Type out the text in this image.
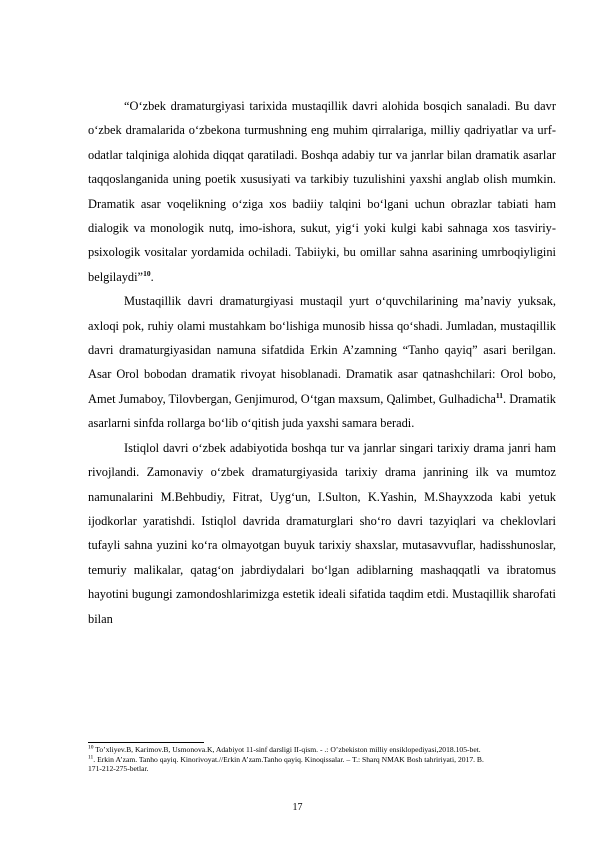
“O‘zbek dramaturgiyasi tarixida mustaqillik davri alohida bosqich sanaladi. Bu davr o‘zbek dramalarida o‘zbekona turmushning eng muhim qirralariga, milliy qadriyatlar va urf-odatlar talqiniga alohida diqqat qaratiladi. Boshqa adabiy tur va janrlar bilan dramatik asarlar taqqoslanganida uning poetik xususiyati va tarkibiy tuzulishini yaxshi anglab olish mumkin. Dramatik asar voqelikning o‘ziga xos badiiy talqini bo‘lgani uchun obrazlar tabiati ham dialogik va monologik nutq, imo-ishora, sukut, yig‘i yoki kulgi kabi sahnaga xos tasviriy-psixologik vositalar yordamida ochiladi. Tabiiyki, bu omillar sahna asarining umrboqiyligini belgilaydi”$^{10}$.

Mustaqillik davri dramaturgiyasi mustaqil yurt o‘quvchilarining ma’naviy yuksak, axloqi pok, ruhiy olami mustahkam bo‘lishiga munosib hissa qo‘shadi. Jumladan, mustaqillik davri dramaturgiyasidan namuna sifatdida Erkin A’zamning “Tanho qayiq” asari berilgan. Asar Orol bobodan dramatik rivoyat hisoblanadi. Dramatik asar qatnashchilari: Orol bobo, Amet Jumaboy, Tilovbergan, Genjimurod, O‘tgan maxsum, Qalimbet, Gulhadicha$^{11}$. Dramatik asarlarni sinfda rollarga bo‘lib o‘qitish juda yaxshi samara beradi.

Istiqlol davri o‘zbek adabiyotida boshqa tur va janrlar singari tarixiy drama janri ham rivojlandi. Zamonaviy o‘zbek dramaturgiyasida tarixiy drama janrining ilk va mumtoz namunalarini M.Behbudiy, Fitrat, Uyg‘un, I.Sulton, K.Yashin, M.Shayxzoda kabi yetuk ijodkorlar yaratishdi. Istiqlol davrida dramaturglari sho‘ro davri tazyiqlari va cheklovlari tufayli sahna yuzini ko‘ra olmayotgan buyuk tarixiy shaxslar, mutasavvuflar, hadisshunoslar, temuriy malikalar, qatag‘on jabrdiydalari bo‘lgan adiblarning mashaqqatli va ibratomus hayotini bugungi zamondoshlarimizga estetik ideali sifatida taqdim etdi. Mustaqillik sharofati bilan

$^{10}$ To’xliyev.B, Karimov.B, Usmonova.K, Adabiyot 11-sinf darsligi II-qism. - .: O’zbekiston milliy ensiklopediyasi,2018.105-bet.

$^{11}$. Erkin A’zam. Tanho qayiq. Kinorivoyat.//Erkin A’zam.Tanho qayiq. Kinoqissalar. – T.: Sharq NMAK Bosh tahririyati, 2017. B. 171-212-275-betlar.

17
